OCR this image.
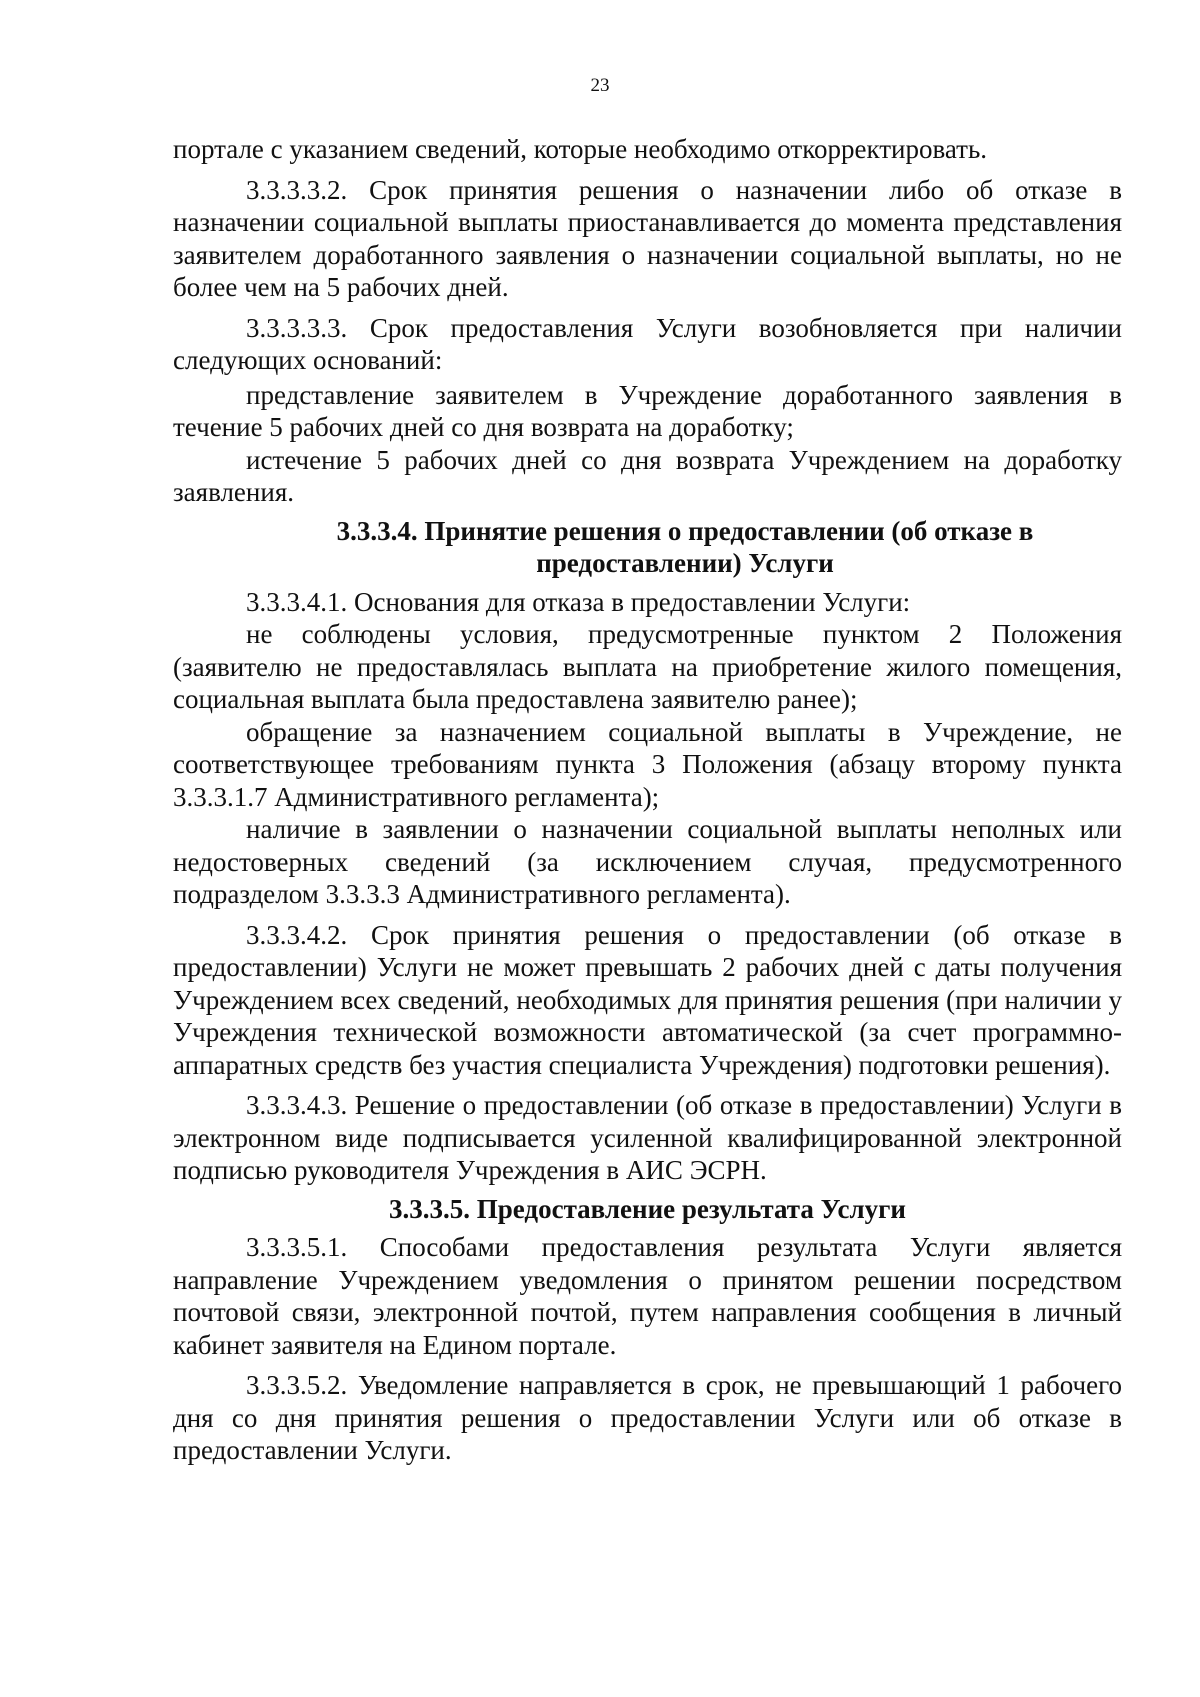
23

порталe с указанием сведений, которые необходимо откорректировать.

3.3.3.3.2. Срок принятия решения о назначении либо об отказе в назначении социальной выплаты приостанавливается до момента представления заявителем доработанного заявления о назначении социальной выплаты, но не более чем на 5 рабочих дней.

3.3.3.3.3. Срок предоставления Услуги возобновляется при наличии следующих оснований:

представление заявителем в Учреждение доработанного заявления в течение 5 рабочих дней со дня возврата на доработку;

истечение 5 рабочих дней со дня возврата Учреждением на доработку заявления.

3.3.3.4. Принятие решения о предоставлении (об отказе в предоставлении) Услуги

3.3.3.4.1. Основания для отказа в предоставлении Услуги:

не соблюдены условия, предусмотренные пунктом 2 Положения (заявителю не предоставлялась выплата на приобретение жилого помещения, социальная выплата была предоставлена заявителю ранее);

обращение за назначением социальной выплаты в Учреждение, не соответствующее требованиям пункта 3 Положения (абзацу второму пункта 3.3.3.1.7 Административного регламента);

наличие в заявлении о назначении социальной выплаты неполных или недостоверных сведений (за исключением случая, предусмотренного подразделом 3.3.3.3 Административного регламента).

3.3.3.4.2. Срок принятия решения о предоставлении (об отказе в предоставлении) Услуги не может превышать 2 рабочих дней с даты получения Учреждением всех сведений, необходимых для принятия решения (при наличии у Учреждения технической возможности автоматической (за счет программно-аппаратных средств без участия специалиста Учреждения) подготовки решения).

3.3.3.4.3. Решение о предоставлении (об отказе в предоставлении) Услуги в электронном виде подписывается усиленной квалифицированной электронной подписью руководителя Учреждения в АИС ЭСРН.

3.3.3.5. Предоставление результата Услуги

3.3.3.5.1. Способами предоставления результата Услуги является направление Учреждением уведомления о принятом решении посредством почтовой связи, электронной почтой, путем направления сообщения в личный кабинет заявителя на Едином портале.

3.3.3.5.2. Уведомление направляется в срок, не превышающий 1 рабочего дня со дня принятия решения о предоставлении Услуги или об отказе в предоставлении Услуги.
